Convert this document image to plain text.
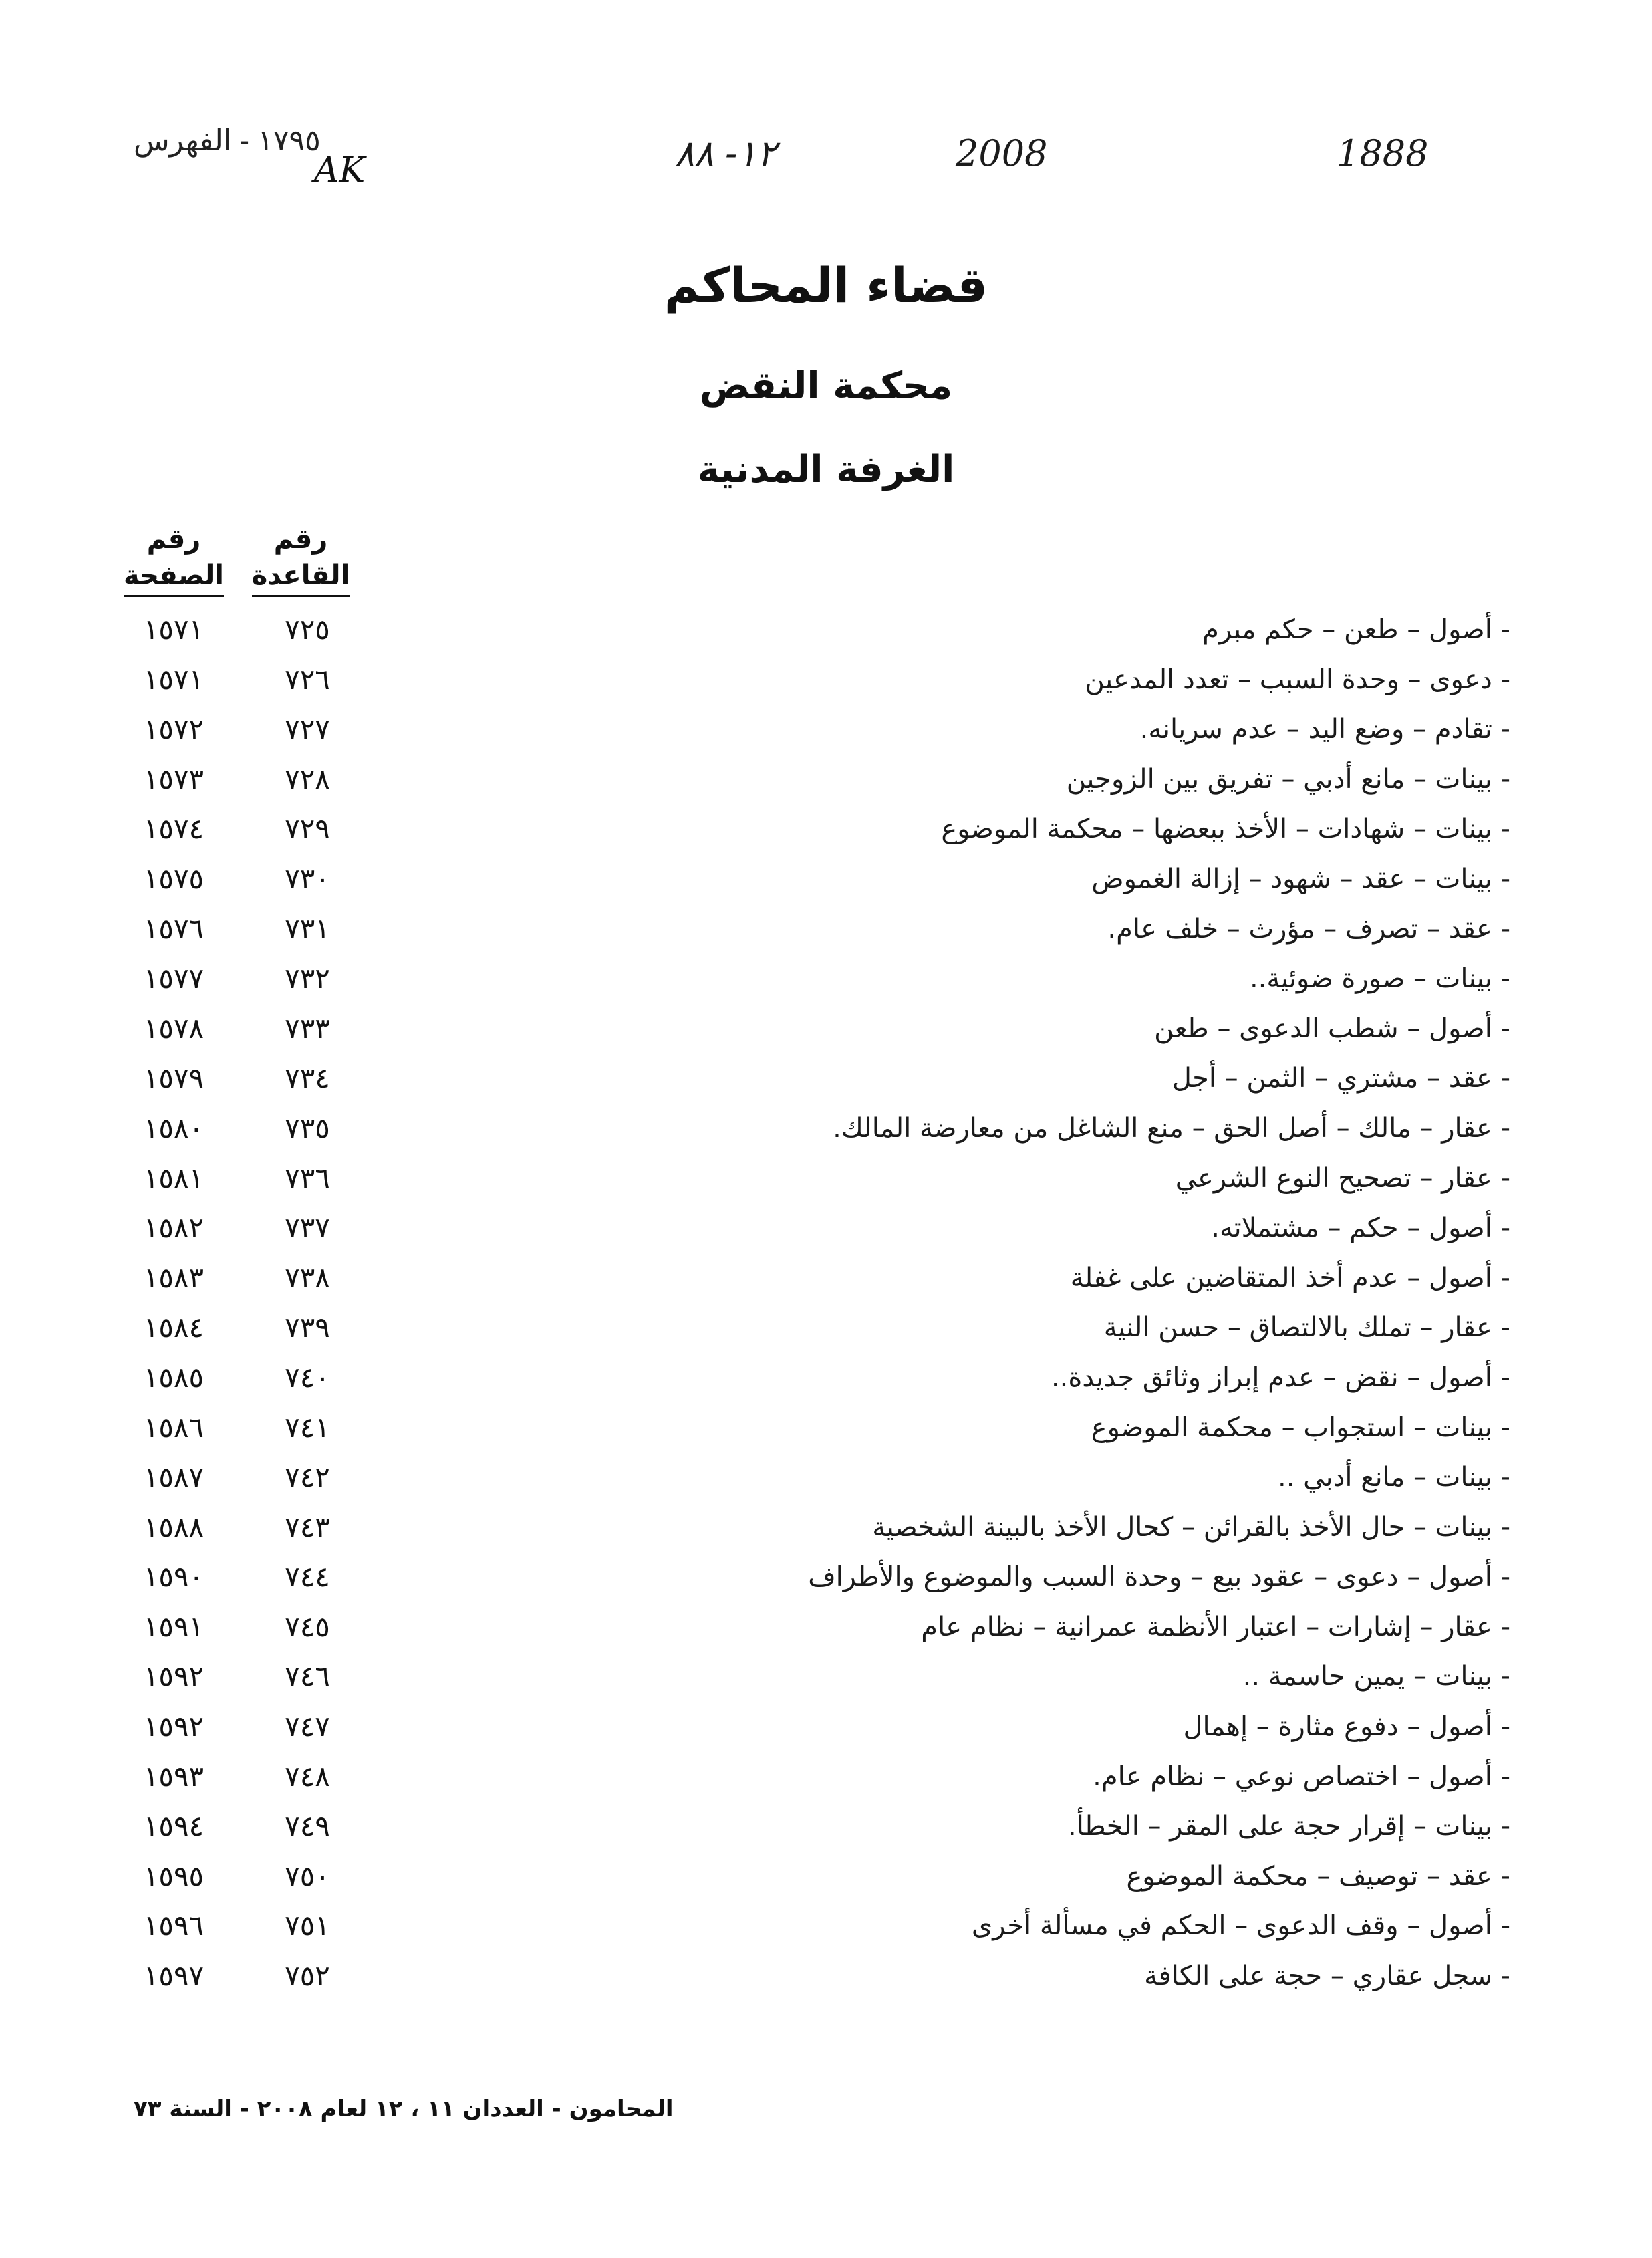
١٧٩٥ - الفهرس
AK	١٢- ٨٨	2008	1888
قضاء المحاكم
محكمة النقض
الغرفة المدنية
رقم
القاعدة
رقم
الصفحة
… … … … … … … … … … … … … … … … … … … … … … … … … … … … … … … … … … … … … … … … … … … … … …
- أصول – طعن – حكم مبرم
٧٢٥
١٥٧١
… … … … … … … … … … … … … … … … … … … … … … … … … … … … … … … … … … … … … … … … … … … … … …
- دعوى – وحدة السبب – تعدد المدعين
٧٢٦
١٥٧١
… … … … … … … … … … … … … … … … … … … … … … … … … … … … … … … … … … … … … … … … … … … … … …
- تقادم – وضع اليد – عدم سريانه.
٧٢٧
١٥٧٢
… … … … … … … … … … … … … … … … … … … … … … … … … … … … … … … … … … … … … … … … … … … … … …
- بينات – مانع أدبي – تفريق بين الزوجين
٧٢٨
١٥٧٣
… … … … … … … … … … … … … … … … … … … … … … … … … … … … … … … … … … … … … … … … … … … … … …
- بينات – شهادات – الأخذ ببعضها – محكمة الموضوع
٧٢٩
١٥٧٤
… … … … … … … … … … … … … … … … … … … … … … … … … … … … … … … … … … … … … … … … … … … … … …
- بينات – عقد – شهود – إزالة الغموض
٧٣٠
١٥٧٥
… … … … … … … … … … … … … … … … … … … … … … … … … … … … … … … … … … … … … … … … … … … … … …
- عقد – تصرف – مؤرث – خلف عام.
٧٣١
١٥٧٦
… … … … … … … … … … … … … … … … … … … … … … … … … … … … … … … … … … … … … … … … … … … … … …
- بينات – صورة ضوئية..
٧٣٢
١٥٧٧
… … … … … … … … … … … … … … … … … … … … … … … … … … … … … … … … … … … … … … … … … … … … … …
- أصول – شطب الدعوى – طعن
٧٣٣
١٥٧٨
… … … … … … … … … … … … … … … … … … … … … … … … … … … … … … … … … … … … … … … … … … … … … …
- عقد – مشتري – الثمن – أجل
٧٣٤
١٥٧٩
… … … … … … … … … … … … … … … … … … … … … … … … … … … … … … … … … … … … … … … … … … … … … …
- عقار – مالك – أصل الحق – منع الشاغل من معارضة المالك.
٧٣٥
١٥٨٠
… … … … … … … … … … … … … … … … … … … … … … … … … … … … … … … … … … … … … … … … … … … … … …
- عقار – تصحيح النوع الشرعي
٧٣٦
١٥٨١
… … … … … … … … … … … … … … … … … … … … … … … … … … … … … … … … … … … … … … … … … … … … … …
- أصول – حكم – مشتملاته.
٧٣٧
١٥٨٢
… … … … … … … … … … … … … … … … … … … … … … … … … … … … … … … … … … … … … … … … … … … … … …
- أصول – عدم أخذ المتقاضين على غفلة
٧٣٨
١٥٨٣
… … … … … … … … … … … … … … … … … … … … … … … … … … … … … … … … … … … … … … … … … … … … … …
- عقار – تملك بالالتصاق – حسن النية
٧٣٩
١٥٨٤
… … … … … … … … … … … … … … … … … … … … … … … … … … … … … … … … … … … … … … … … … … … … … …
- أصول – نقض – عدم إبراز وثائق جديدة..
٧٤٠
١٥٨٥
… … … … … … … … … … … … … … … … … … … … … … … … … … … … … … … … … … … … … … … … … … … … … …
- بينات – استجواب – محكمة الموضوع
٧٤١
١٥٨٦
… … … … … … … … … … … … … … … … … … … … … … … … … … … … … … … … … … … … … … … … … … … … … …
- بينات – مانع أدبي ..
٧٤٢
١٥٨٧
… … … … … … … … … … … … … … … … … … … … … … … … … … … … … … … … … … … … … … … … … … … … … …
- بينات – حال الأخذ بالقرائن – كحال الأخذ بالبينة الشخصية
٧٤٣
١٥٨٨
… … … … … … … … … … … … … … … … … … … … … … … … … … … … … … … … … … … … … … … … … … … … … …
- أصول – دعوى – عقود بيع – وحدة السبب والموضوع والأطراف
٧٤٤
١٥٩٠
… … … … … … … … … … … … … … … … … … … … … … … … … … … … … … … … … … … … … … … … … … … … … …
- عقار – إشارات – اعتبار الأنظمة عمرانية – نظام عام
٧٤٥
١٥٩١
… … … … … … … … … … … … … … … … … … … … … … … … … … … … … … … … … … … … … … … … … … … … … …
- بينات – يمين حاسمة ..
٧٤٦
١٥٩٢
… … … … … … … … … … … … … … … … … … … … … … … … … … … … … … … … … … … … … … … … … … … … … …
- أصول – دفوع مثارة – إهمال
٧٤٧
١٥٩٢
… … … … … … … … … … … … … … … … … … … … … … … … … … … … … … … … … … … … … … … … … … … … … …
- أصول – اختصاص نوعي – نظام عام.
٧٤٨
١٥٩٣
… … … … … … … … … … … … … … … … … … … … … … … … … … … … … … … … … … … … … … … … … … … … … …
- بينات – إقرار حجة على المقر – الخطأ.
٧٤٩
١٥٩٤
… … … … … … … … … … … … … … … … … … … … … … … … … … … … … … … … … … … … … … … … … … … … … …
- عقد – توصيف – محكمة الموضوع
٧٥٠
١٥٩٥
… … … … … … … … … … … … … … … … … … … … … … … … … … … … … … … … … … … … … … … … … … … … … …
- أصول – وقف الدعوى – الحكم في مسألة أخرى
٧٥١
١٥٩٦
… … … … … … … … … … … … … … … … … … … … … … … … … … … … … … … … … … … … … … … … … … … … … …
- سجل عقاري – حجة على الكافة
٧٥٢
١٥٩٧
المحامون - العددان ١١ ، ١٢ لعام ٢٠٠٨ - السنة ٧٣
